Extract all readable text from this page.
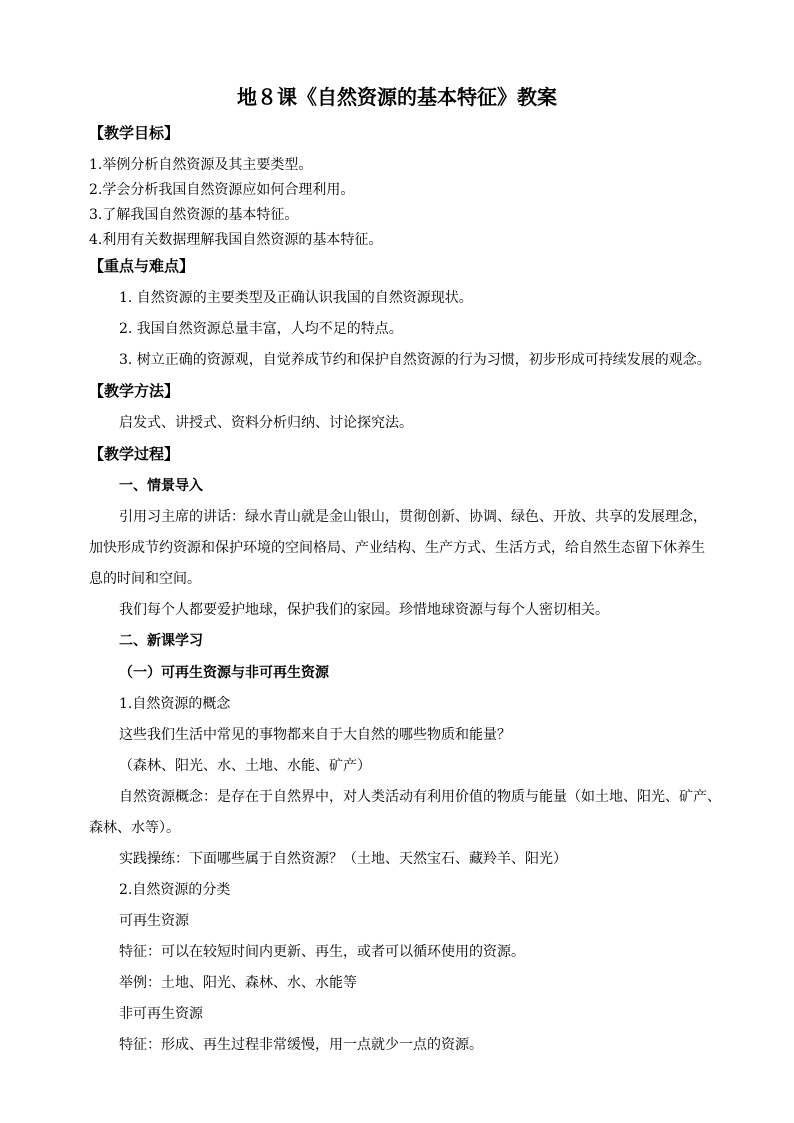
地８课《自然资源的基本特征》教案
【教学目标】
1.举例分析自然资源及其主要类型。
2.学会分析我国自然资源应如何合理利用。
3.了解我国自然资源的基本特征。
4.利用有关数据理解我国自然资源的基本特征。
【重点与难点】
1. 自然资源的主要类型及正确认识我国的自然资源现状。
2. 我国自然资源总量丰富，人均不足的特点。
3. 树立正确的资源观，自觉养成节约和保护自然资源的行为习惯，初步形成可持续发展的观念。
【教学方法】
启发式、讲授式、资料分析归纳、讨论探究法。
【教学过程】
一、情景导入
引用习主席的讲话：绿水青山就是金山银山，贯彻创新、协调、绿色、开放、共享的发展理念，
加快形成节约资源和保护环境的空间格局、产业结构、生产方式、生活方式，给自然生态留下休养生
息的时间和空间。
我们每个人都要爱护地球，保护我们的家园。珍惜地球资源与每个人密切相关。
二、新课学习
（一）可再生资源与非可再生资源
1.自然资源的概念
这些我们生活中常见的事物都来自于大自然的哪些物质和能量？
（森林、阳光、水、土地、水能、矿产）
自然资源概念：是存在于自然界中，对人类活动有利用价值的物质与能量（如土地、阳光、矿产、
森林、水等）。
实践操练：下面哪些属于自然资源？（土地、天然宝石、藏羚羊、阳光）
2.自然资源的分类
可再生资源
特征：可以在较短时间内更新、再生，或者可以循环使用的资源。
举例：土地、阳光、森林、水、水能等
非可再生资源
特征：形成、再生过程非常缓慢，用一点就少一点的资源。
